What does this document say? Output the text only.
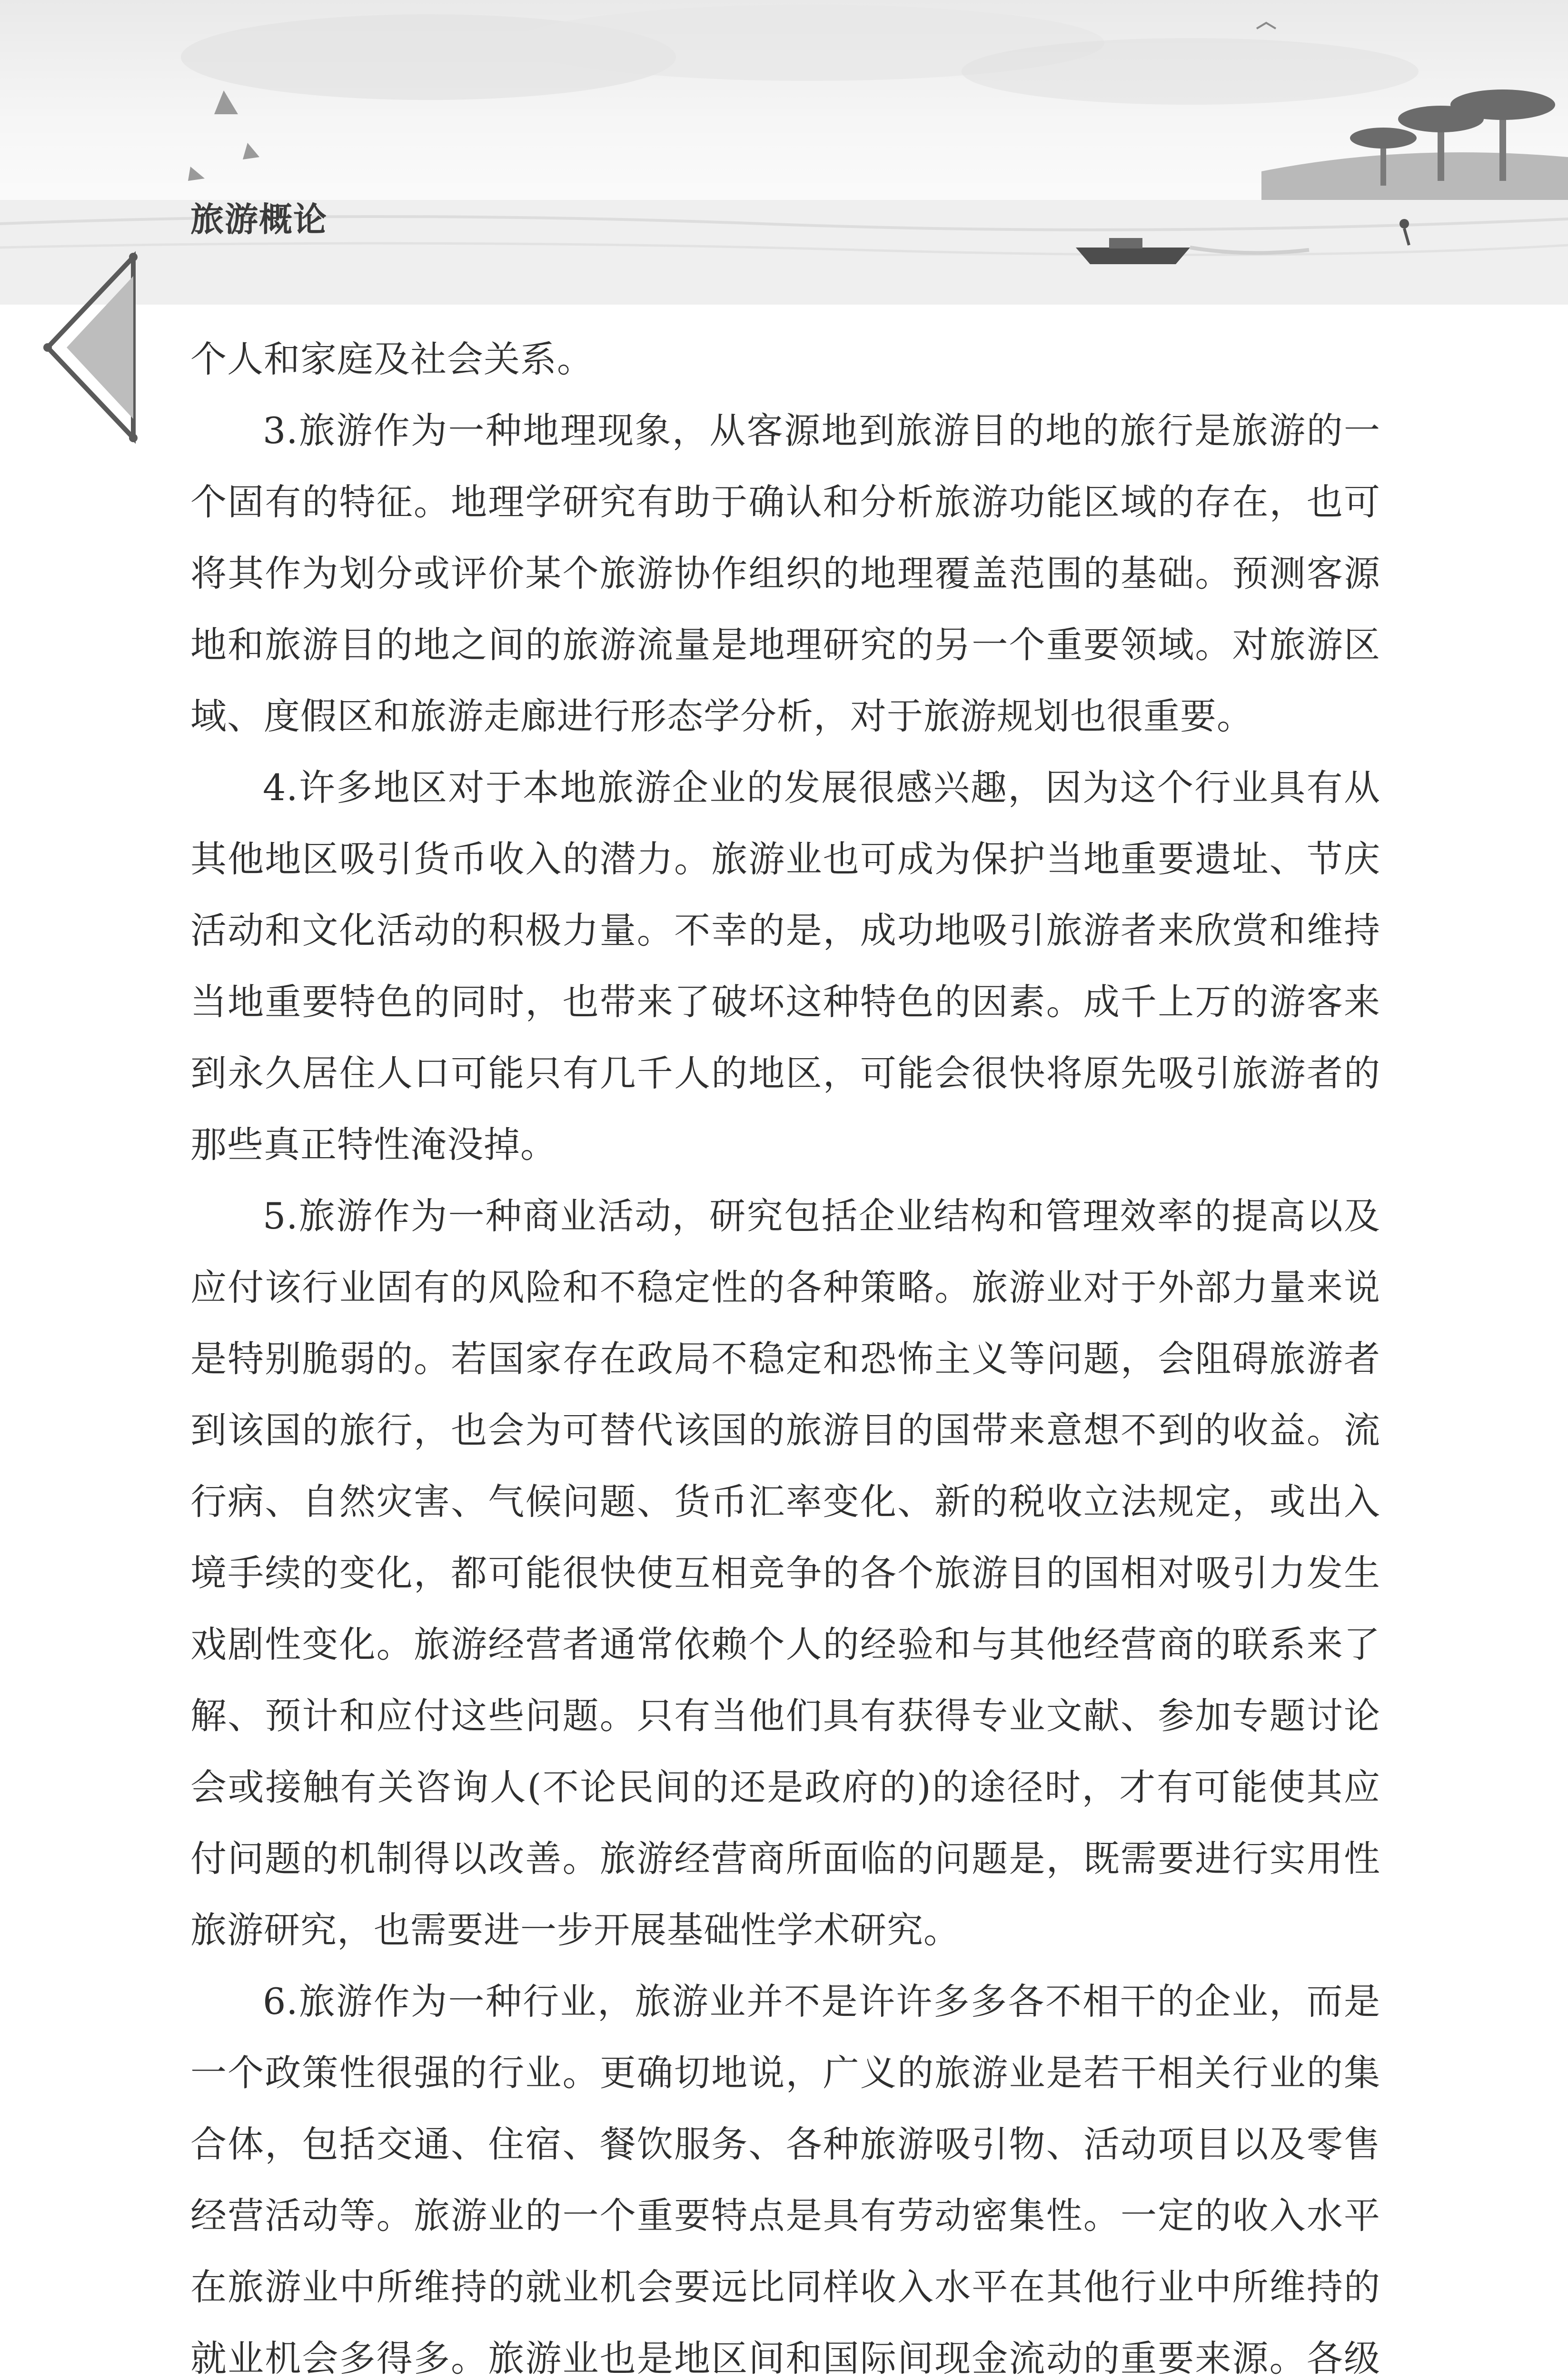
旅游概论

个人和家庭及社会关系。

3.旅游作为一种地理现象，从客源地到旅游目的地的旅行是旅游的一个固有的特征。地理学研究有助于确认和分析旅游功能区域的存在，也可将其作为划分或评价某个旅游协作组织的地理覆盖范围的基础。预测客源地和旅游目的地之间的旅游流量是地理研究的另一个重要领域。对旅游区域、度假区和旅游走廊进行形态学分析，对于旅游规划也很重要。

4.许多地区对于本地旅游企业的发展很感兴趣，因为这个行业具有从其他地区吸引货币收入的潜力。旅游业也可成为保护当地重要遗址、节庆活动和文化活动的积极力量。不幸的是，成功地吸引旅游者来欣赏和维持当地重要特色的同时，也带来了破坏这种特色的因素。成千上万的游客来到永久居住人口可能只有几千人的地区，可能会很快将原先吸引旅游者的那些真正特性淹没掉。

5.旅游作为一种商业活动，研究包括企业结构和管理效率的提高以及应付该行业固有的风险和不稳定性的各种策略。旅游业对于外部力量来说是特别脆弱的。若国家存在政局不稳定和恐怖主义等问题，会阻碍旅游者到该国的旅行，也会为可替代该国的旅游目的国带来意想不到的收益。流行病、自然灾害、气候问题、货币汇率变化、新的税收立法规定，或出入境手续的变化，都可能很快使互相竞争的各个旅游目的国相对吸引力发生戏剧性变化。旅游经营者通常依赖个人的经验和与其他经营商的联系来了解、预计和应付这些问题。只有当他们具有获得专业文献、参加专题讨论会或接触有关咨询人(不论民间的还是政府的)的途径时，才有可能使其应付问题的机制得以改善。旅游经营商所面临的问题是，既需要进行实用性旅游研究，也需要进一步开展基础性学术研究。

6.旅游作为一种行业，旅游业并不是许许多多各不相干的企业，而是一个政策性很强的行业。更确切地说，广义的旅游业是若干相关行业的集合体，包括交通、住宿、餐饮服务、各种旅游吸引物、活动项目以及零售经营活动等。旅游业的一个重要特点是具有劳动密集性。一定的收入水平在旅游业中所维持的就业机会要远比同样收入水平在其他行业中所维持的就业机会多得多。旅游业也是地区间和国际间现金流动的重要来源。各级
